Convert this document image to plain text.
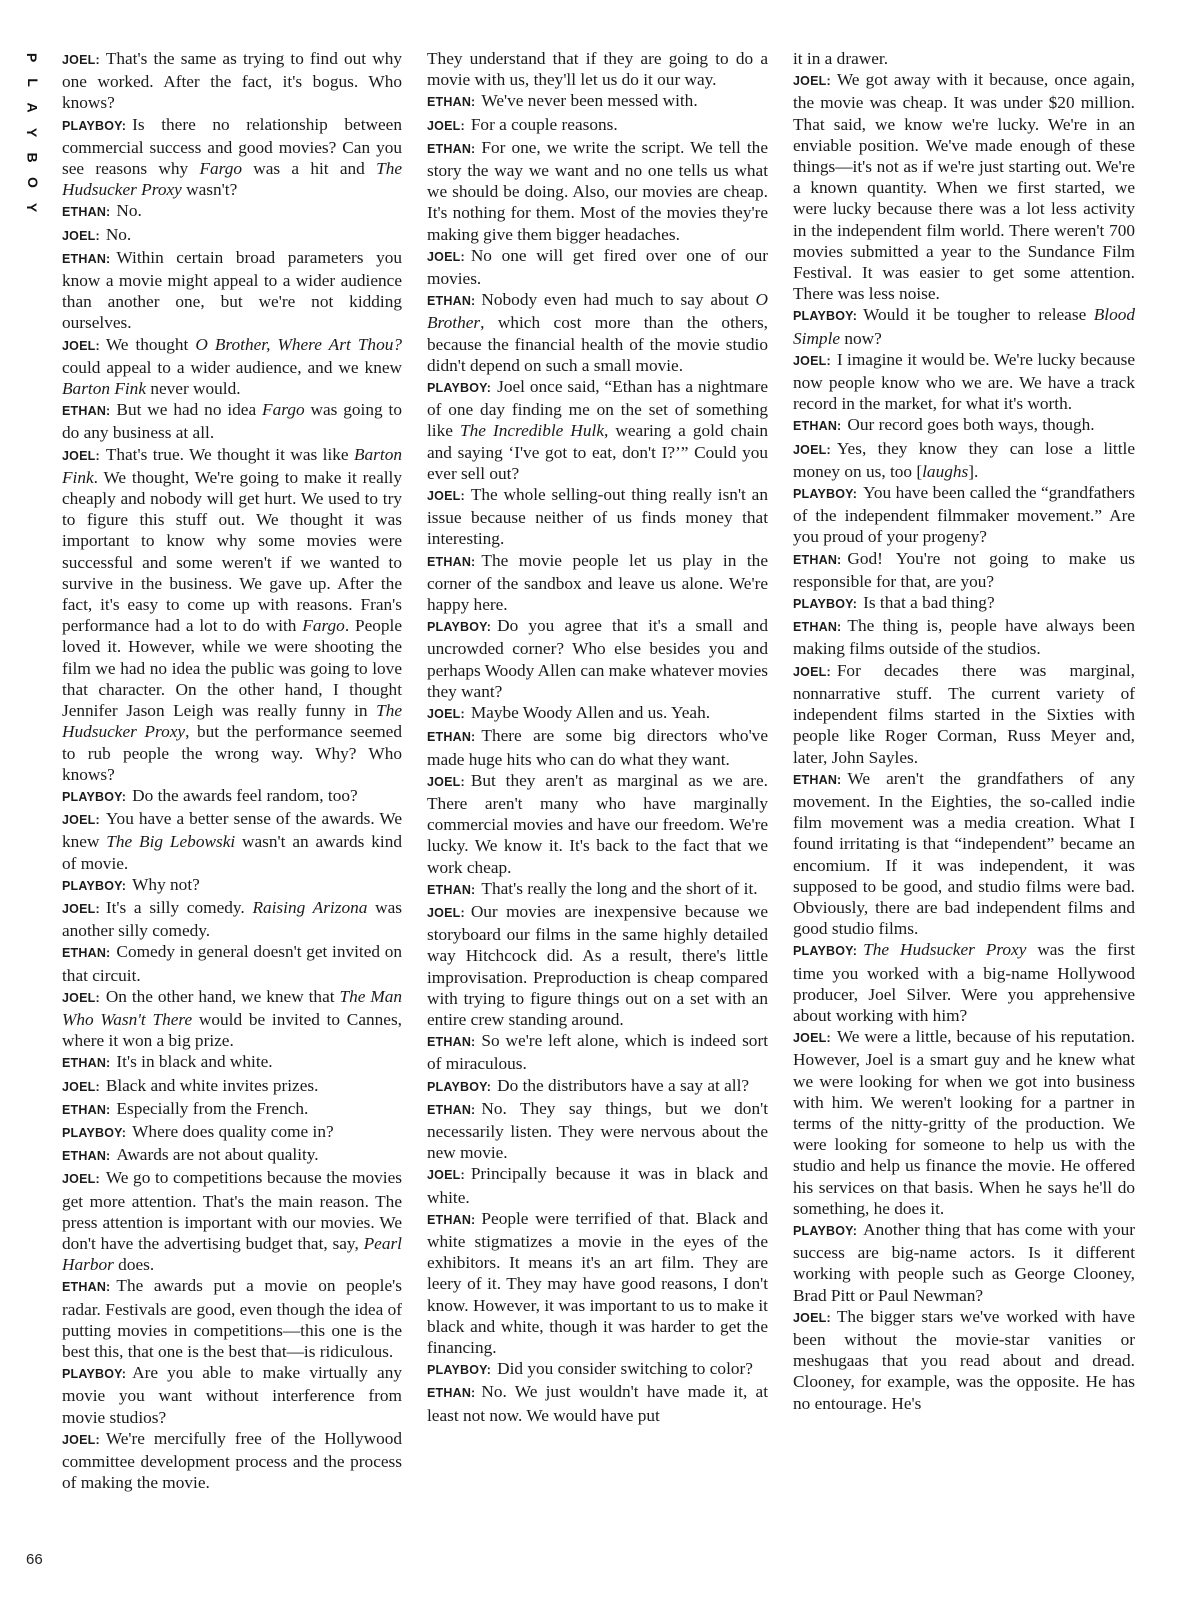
P
L
A
Y
B
O
Y
66

JOEL: That's the same as trying to find out why one worked. After the fact, it's bogus. Who knows?

PLAYBOY: Is there no relationship between commercial success and good movies? Can you see reasons why Fargo was a hit and The Hudsucker Proxy wasn't?

ETHAN: No.

JOEL: No.

ETHAN: Within certain broad parameters you know a movie might appeal to a wider audience than another one, but we're not kidding ourselves.

JOEL: We thought O Brother, Where Art Thou? could appeal to a wider audience, and we knew Barton Fink never would.

ETHAN: But we had no idea Fargo was going to do any business at all.

JOEL: That's true. We thought it was like Barton Fink. We thought, We're going to make it really cheaply and nobody will get hurt. We used to try to figure this stuff out. We thought it was important to know why some movies were successful and some weren't if we wanted to survive in the business. We gave up. After the fact, it's easy to come up with reasons. Fran's performance had a lot to do with Fargo. People loved it. However, while we were shooting the film we had no idea the public was going to love that character. On the other hand, I thought Jennifer Jason Leigh was really funny in The Hudsucker Proxy, but the performance seemed to rub people the wrong way. Why? Who knows?

PLAYBOY: Do the awards feel random, too?

JOEL: You have a better sense of the awards. We knew The Big Lebowski wasn't an awards kind of movie.

PLAYBOY: Why not?

JOEL: It's a silly comedy. Raising Arizona was another silly comedy.

ETHAN: Comedy in general doesn't get invited on that circuit.

JOEL: On the other hand, we knew that The Man Who Wasn't There would be invited to Cannes, where it won a big prize.

ETHAN: It's in black and white.

JOEL: Black and white invites prizes.

ETHAN: Especially from the French.

PLAYBOY: Where does quality come in?

ETHAN: Awards are not about quality.

JOEL: We go to competitions because the movies get more attention. That's the main reason. The press attention is important with our movies. We don't have the advertising budget that, say, Pearl Harbor does.

ETHAN: The awards put a movie on people's radar. Festivals are good, even though the idea of putting movies in competitions—this one is the best this, that one is the best that—is ridiculous.

PLAYBOY: Are you able to make virtually any movie you want without interference from movie studios?

JOEL: We're mercifully free of the Hollywood committee development process and the process of making the movie.

They understand that if they are going to do a movie with us, they'll let us do it our way.

ETHAN: We've never been messed with.

JOEL: For a couple reasons.

ETHAN: For one, we write the script. We tell the story the way we want and no one tells us what we should be doing. Also, our movies are cheap. It's nothing for them. Most of the movies they're making give them bigger headaches.

JOEL: No one will get fired over one of our movies.

ETHAN: Nobody even had much to say about O Brother, which cost more than the others, because the financial health of the movie studio didn't depend on such a small movie.

PLAYBOY: Joel once said, “Ethan has a nightmare of one day finding me on the set of something like The Incredible Hulk, wearing a gold chain and saying ‘I've got to eat, don't I?’” Could you ever sell out?

JOEL: The whole selling-out thing really isn't an issue because neither of us finds money that interesting.

ETHAN: The movie people let us play in the corner of the sandbox and leave us alone. We're happy here.

PLAYBOY: Do you agree that it's a small and uncrowded corner? Who else besides you and perhaps Woody Allen can make whatever movies they want?

JOEL: Maybe Woody Allen and us. Yeah.

ETHAN: There are some big directors who've made huge hits who can do what they want.

JOEL: But they aren't as marginal as we are. There aren't many who have marginally commercial movies and have our freedom. We're lucky. We know it. It's back to the fact that we work cheap.

ETHAN: That's really the long and the short of it.

JOEL: Our movies are inexpensive because we storyboard our films in the same highly detailed way Hitchcock did. As a result, there's little improvisation. Preproduction is cheap compared with trying to figure things out on a set with an entire crew standing around.

ETHAN: So we're left alone, which is indeed sort of miraculous.

PLAYBOY: Do the distributors have a say at all?

ETHAN: No. They say things, but we don't necessarily listen. They were nervous about the new movie.

JOEL: Principally because it was in black and white.

ETHAN: People were terrified of that. Black and white stigmatizes a movie in the eyes of the exhibitors. It means it's an art film. They are leery of it. They may have good reasons, I don't know. However, it was important to us to make it black and white, though it was harder to get the financing.

PLAYBOY: Did you consider switching to color?

ETHAN: No. We just wouldn't have made it, at least not now. We would have put

it in a drawer.

JOEL: We got away with it because, once again, the movie was cheap. It was under $20 million. That said, we know we're lucky. We're in an enviable position. We've made enough of these things—it's not as if we're just starting out. We're a known quantity. When we first started, we were lucky because there was a lot less activity in the independent film world. There weren't 700 movies submitted a year to the Sundance Film Festival. It was easier to get some attention. There was less noise.

PLAYBOY: Would it be tougher to release Blood Simple now?

JOEL: I imagine it would be. We're lucky because now people know who we are. We have a track record in the market, for what it's worth.

ETHAN: Our record goes both ways, though.

JOEL: Yes, they know they can lose a little money on us, too [laughs].

PLAYBOY: You have been called the “grandfathers of the independent filmmaker movement.” Are you proud of your progeny?

ETHAN: God! You're not going to make us responsible for that, are you?

PLAYBOY: Is that a bad thing?

ETHAN: The thing is, people have always been making films outside of the studios.

JOEL: For decades there was marginal, nonnarrative stuff. The current variety of independent films started in the Sixties with people like Roger Corman, Russ Meyer and, later, John Sayles.

ETHAN: We aren't the grandfathers of any movement. In the Eighties, the so-called indie film movement was a media creation. What I found irritating is that “independent” became an encomium. If it was independent, it was supposed to be good, and studio films were bad. Obviously, there are bad independent films and good studio films.

PLAYBOY: The Hudsucker Proxy was the first time you worked with a big-name Hollywood producer, Joel Silver. Were you apprehensive about working with him?

JOEL: We were a little, because of his reputation. However, Joel is a smart guy and he knew what we were looking for when we got into business with him. We weren't looking for a partner in terms of the nitty-gritty of the production. We were looking for someone to help us with the studio and help us finance the movie. He offered his services on that basis. When he says he'll do something, he does it.

PLAYBOY: Another thing that has come with your success are big-name actors. Is it different working with people such as George Clooney, Brad Pitt or Paul Newman?

JOEL: The bigger stars we've worked with have been without the movie-star vanities or meshugaas that you read about and dread. Clooney, for example, was the opposite. He has no entourage. He's
